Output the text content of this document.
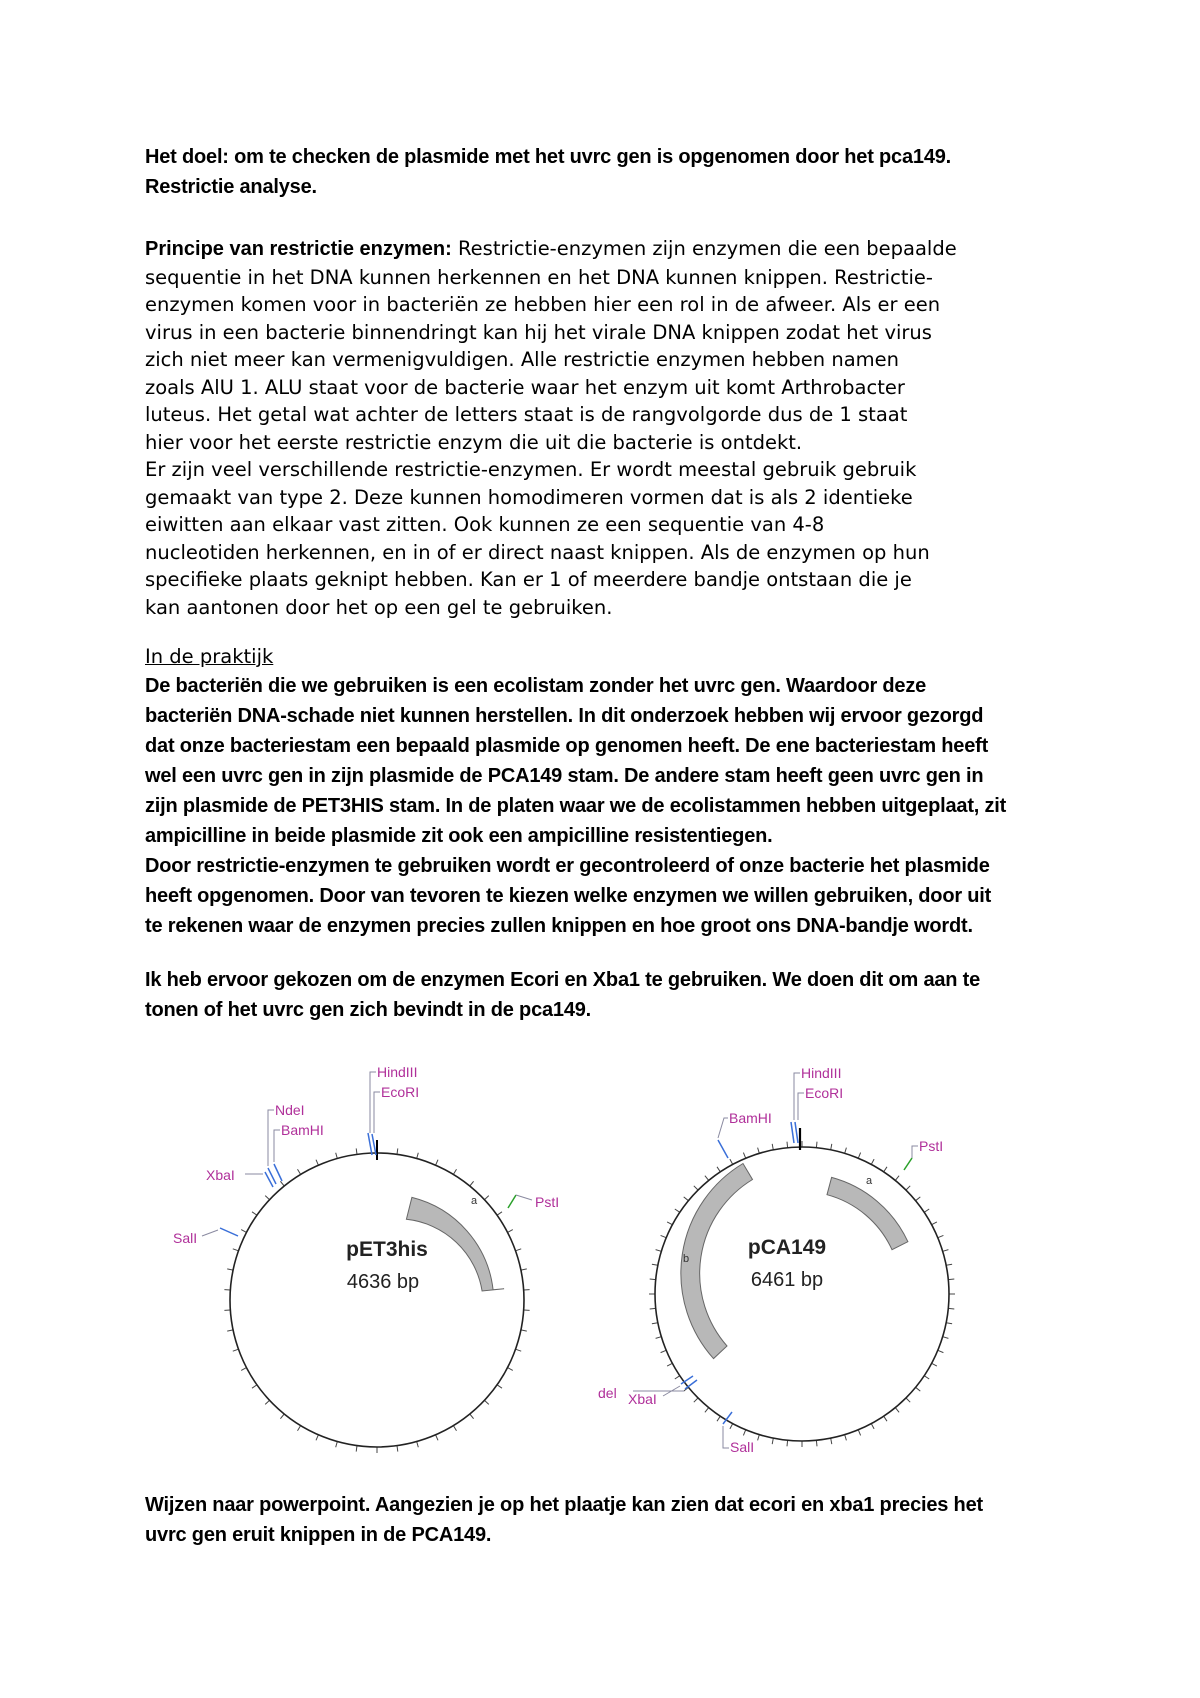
Het doel: om te checken de plasmide met het uvrc gen is opgenomen door het pca149.

Restrictie analyse.

Principe van restrictie enzymen: Restrictie-enzymen zijn enzymen die een bepaalde

sequentie in het DNA kunnen herkennen en het DNA kunnen knippen. Restrictie-

enzymen komen voor in bacteriën ze hebben hier een rol in de afweer. Als er een

virus in een bacterie binnendringt kan hij het virale DNA knippen zodat het virus

zich niet meer kan vermenigvuldigen. Alle restrictie enzymen hebben namen

zoals AlU 1. ALU staat voor de bacterie waar het enzym uit komt Arthrobacter

luteus. Het getal wat achter de letters staat is de rangvolgorde dus de 1 staat

hier voor het eerste restrictie enzym die uit die bacterie is ontdekt.

Er zijn veel verschillende restrictie-enzymen. Er wordt meestal gebruik gebruik

gemaakt van type 2. Deze kunnen homodimeren vormen dat is als 2 identieke

eiwitten aan elkaar vast zitten. Ook kunnen ze een sequentie van 4-8

nucleotiden herkennen, en in of er direct naast knippen. Als de enzymen op hun

specifieke plaats geknipt hebben. Kan er 1 of meerdere bandje ontstaan die je

kan aantonen door het op een gel te gebruiken.

In de praktijk

De bacteriën die we gebruiken is een ecolistam zonder het uvrc gen. Waardoor deze

bacteriën DNA-schade niet kunnen herstellen. In dit onderzoek hebben wij ervoor gezorgd

dat onze bacteriestam een bepaald plasmide op genomen heeft. De ene bacteriestam heeft

wel een uvrc gen in zijn plasmide de PCA149 stam. De andere stam heeft geen uvrc gen in

zijn plasmide de PET3HIS stam. In de platen waar we de ecolistammen hebben uitgeplaat, zit

ampicilline in beide plasmide zit ook een ampicilline resistentiegen.

Door restrictie-enzymen te gebruiken wordt er gecontroleerd of onze bacterie het plasmide

heeft opgenomen. Door van tevoren te kiezen welke enzymen we willen gebruiken, door uit

te rekenen waar de enzymen precies zullen knippen en hoe groot ons DNA-bandje wordt.

Ik heb ervoor gekozen om de enzymen Ecori en Xba1 te gebruiken. We doen dit om aan te

tonen of het uvrc gen zich bevindt in de pca149.

a
HindIII
EcoRI
NdeI
BamHI
XbaI
SalI
PstI
pET3his
4636 bp
a
b
HindIII
EcoRI
BamHI
PstI
XbaI
del
SalI
pCA149
6461 bp

Wijzen naar powerpoint. Aangezien je op het plaatje kan zien dat ecori en xba1 precies het

uvrc gen eruit knippen in de PCA149.
